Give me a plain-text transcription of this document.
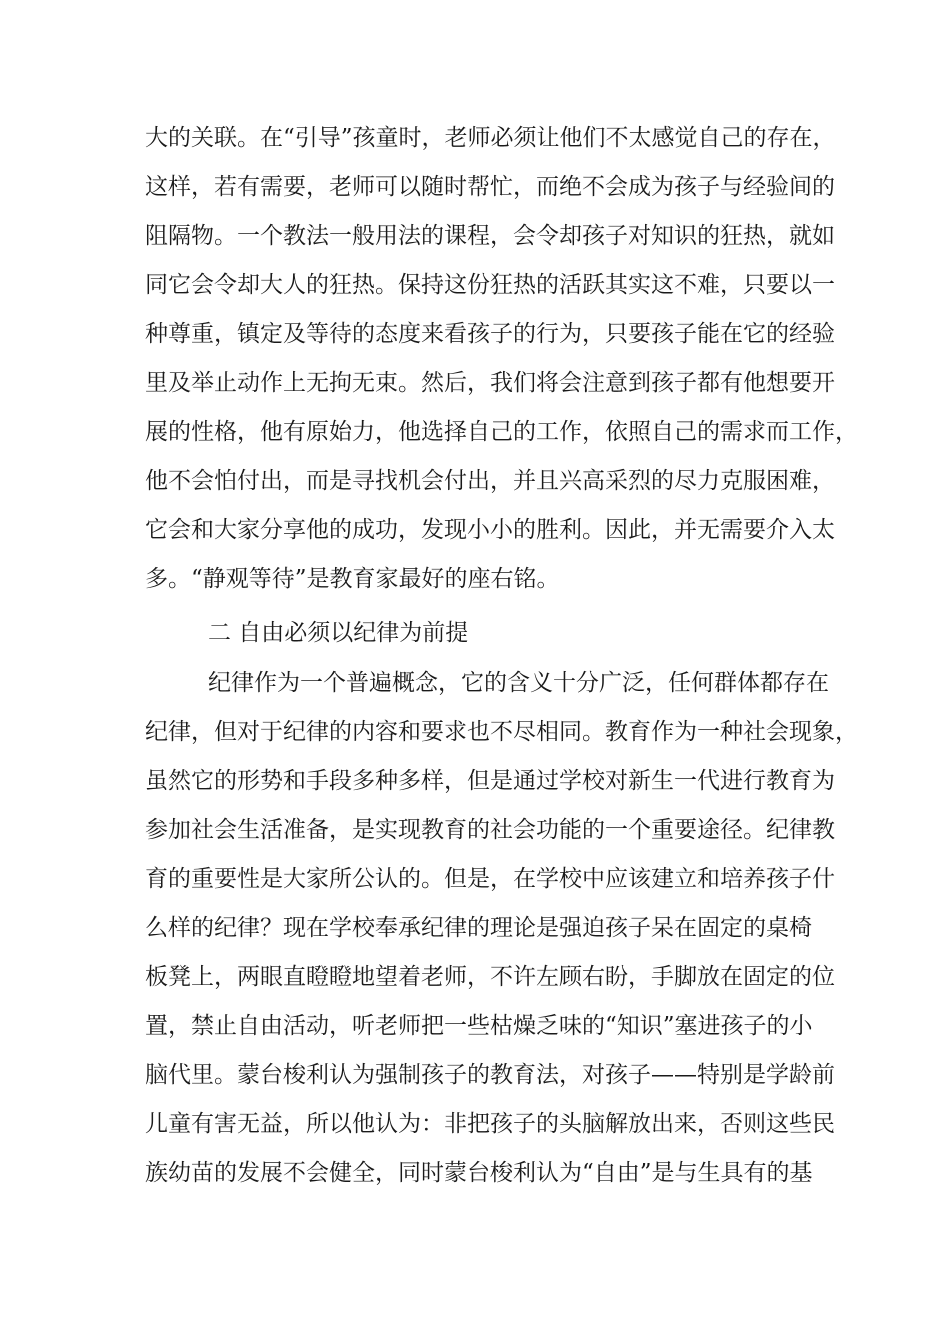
大的关联。在“引导”孩童时，老师必须让他们不太感觉自己的存在，
这样，若有需要，老师可以随时帮忙，而绝不会成为孩子与经验间的
阻隔物。一个教法一般用法的课程，会令却孩子对知识的狂热，就如
同它会令却大人的狂热。保持这份狂热的活跃其实这不难，只要以一
种尊重，镇定及等待的态度来看孩子的行为，只要孩子能在它的经验
里及举止动作上无拘无束。然后，我们将会注意到孩子都有他想要开
展的性格，他有原始力，他选择自己的工作，依照自己的需求而工作，
他不会怕付出，而是寻找机会付出，并且兴高采烈的尽力克服困难，
它会和大家分享他的成功，发现小小的胜利。因此，并无需要介入太
多。“静观等待”是教育家最好的座右铭。
二 自由必须以纪律为前提
纪律作为一个普遍概念，它的含义十分广泛，任何群体都存在
纪律，但对于纪律的内容和要求也不尽相同。教育作为一种社会现象，
虽然它的形势和手段多种多样，但是通过学校对新生一代进行教育为
参加社会生活准备，是实现教育的社会功能的一个重要途径。纪律教
育的重要性是大家所公认的。但是，在学校中应该建立和培养孩子什
么样的纪律？现在学校奉承纪律的理论是强迫孩子呆在固定的桌椅
板凳上，两眼直瞪瞪地望着老师，不许左顾右盼，手脚放在固定的位
置，禁止自由活动，听老师把一些枯燥乏味的“知识”塞进孩子的小
脑代里。蒙台梭利认为强制孩子的教育法，对孩子——特别是学龄前
儿童有害无益，所以他认为：非把孩子的头脑解放出来，否则这些民
族幼苗的发展不会健全，同时蒙台梭利认为“自由”是与生具有的基
